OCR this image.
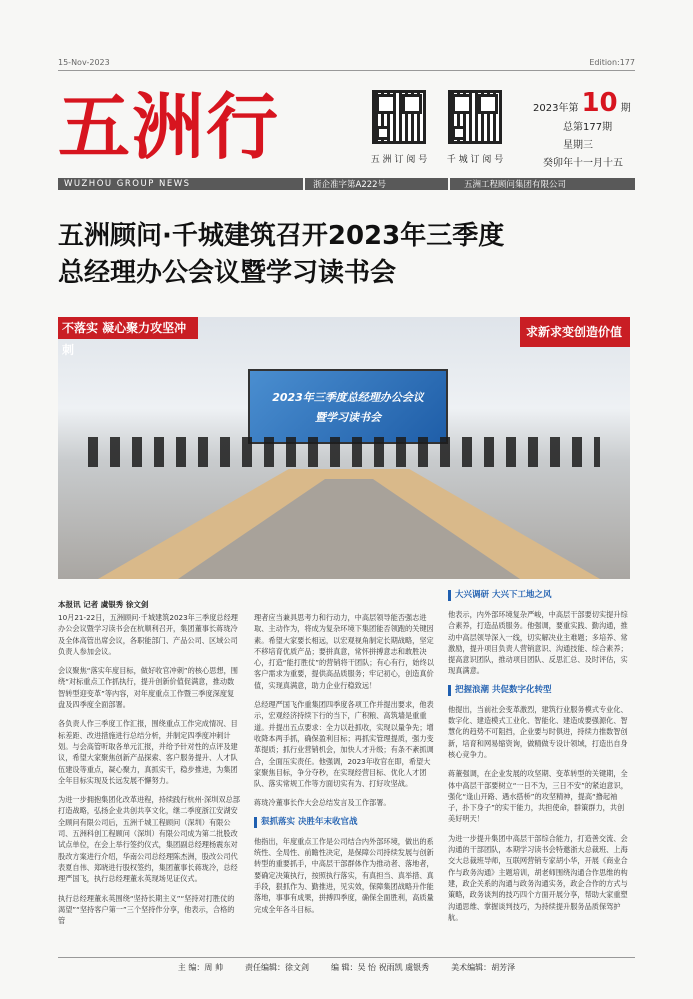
15-Nov-2023	Edition:177
五洲行	五 洲 订 阅 号	千 城 订 阅 号
2023年第 10 期
总第177期
星期三
癸卯年十一月十五
WUZHOU GROUP NEWS	浙企准字第A222号	五洲工程顾问集团有限公司
五洲顾问·千城建筑召开2023年三季度
总经理办公会议暨学习读书会
不落实 凝心聚力攻坚冲刺
求新求变创造价值
2023年三季度总经理办公会议
暨学习读书会
本报讯 记者 虞银秀 徐文剑

10月21-22日，五洲顾问·千城建筑2023年三季度总经理办公会议暨学习读书会在杭顺利召开，集团董事长蒋珑冷及全体高管出席会议，各职能部门、产品公司、区域公司负责人参加会议。

会议聚焦“落实年度目标，做好收官冲刺”的核心思想，围绕“对标重点工作抓执行，提升创新价值促满意，推动数智转型迎变革”等内容，对年度重点工作暨三季度深度复盘及四季度全面部署。

各负责人作三季度工作汇报，围绕重点工作完成情况、目标差距、改进措施进行总结分析，并制定四季度冲刺计划。与会高管听取各单元汇报，并给予针对性的点评及建议，希望大家聚焦创新产品探索、客户服务提升、人才队伍建设等重点，凝心聚力，真抓实干，稳步推进，为集团全年目标实现及长远发展不懈努力。

为进一步拥抱集团化改革进程，持续践行杭州·深圳双总部打造战略，弘扬企业共创共享文化，继二季度浙江安湖安全顾问有限公司后，五洲千城工程顾问（深圳）有限公司、五洲科创工程顾问（深圳）有限公司成为第二批股改试点单位，在会上举行签约仪式，集团副总经理杨震东对股改方案进行介绍，华南公司总经理陈杰洲，股改公司代表夏自伟、郑晓进行股权签约，集团董事长蒋珑冷，总经理严国飞，执行总经理董永英现场见证仪式。

执行总经理董永英围绕“坚持长期主义”“坚持对打胜仗的渴望”“坚持客户第一”三个坚持作分享，他表示，合格的管

理者应当兼具思考力和行动力，中高层领导能否强志进取、主动作为，将成为复杂环境下集团能否领跑的关键因素。希望大家要长相远，以宏观视角制定长期战略，坚定不移培育优质产品；要拼真意，常怀拼搏意志和敢胜决心，打造“能打胜仗”的营销将干团队；有心有行，始终以客户需求为重要，提供高品质服务；牢记初心，创造真价值，实现真满意，助力企业行稳致远！

总经理严国飞作重集团四季度各项工作并提出要求，他表示，宏观经济持续下行的当下，广积粮、高筑墙是重重道。并提出五点要求：全力以赴抓收，实现以量争先；增收降本两手抓，确保盈利目标；再抓实管理提质，强力变革提质；抓行业营销机会，加快人才升级；有条不紊抓调合，全面压实责任。他强调，2023年收官在即，希望大家聚焦目标，争分夺秒，在实现经营目标、优化人才团队、落实常规工作等方面切实有为、打好攻坚战。

蒋珑冷董事长作大会总结发言及工作部署。

狠抓落实 决胜年末收官战

他指出，年度重点工作是公司结合内外部环境，做出的系统性、全局性、前瞻性决定，是保障公司持续发展与创新转型的重要抓手，中高层干部群体作为推动者、落地者，要确定决策执行，按照执行落实，有真担当、真举措、真手段，狠抓作为、勤推进，见实效，保障集团战略升作能落地，事事有成果，拼搏四季度，确保全面胜利，高质量完成全年各斗目标。

大兴调研 大兴下工地之风

他表示，内外部环境复杂严峻，中高层干部要切实提升综合素养，打造品质服务。他强调，要重实践、勤沟通，推动中高层领导深入一线，切实解决业主难题；多培养、常激励，提升项目负责人营销意识、沟通技能、综合素养；提高意识团队，推动项目团队、反思汇总、及时评估，实现真满意。

把握浪潮 共促数字化转型

他提出，当前社会变革激烈，建筑行业服务模式专业化、数字化、建造模式工业化、智能化、建造成要强源化、智慧化的趋势不可阻挡，企业要与时俱进，持续力推数智创新，培育和网易缩资询，做精做专设计领域，打造出自身核心竞争力。

蒋董强调，在企业发展的攻坚期、变革转型的关键期，全体中高层干部要树立“一日不为，三日不安”的紧迫意识，强化“逢山开路、遇水搭桥”的攻坚精神，提高“撸起袖子，扑下身子”的实干能力，共担使命，群策群力，共创美好明天！

为进一步提升集团中高层干部综合能力，打造善交流、会沟通的干部团队，本期学习读书会特邀浙大总裁班、上海交大总裁班导师，互联网营销专家胡小华，开展《商业合作与政务沟通》主题培训，胡老师围绕沟通合作思维的构建，政企关系的沟通与政务沟通实务，政企合作的方式与策略，政务谈判的技巧四个方面开展分享，帮助大家重塑沟通思维、掌握谈判技巧，为持续提升服务品质保驾护航。

主 编：周 帅	责任编辑：徐文剑	编 辑：吴 怡 祝雨凯 虞银秀	美术编辑：胡芳泽
